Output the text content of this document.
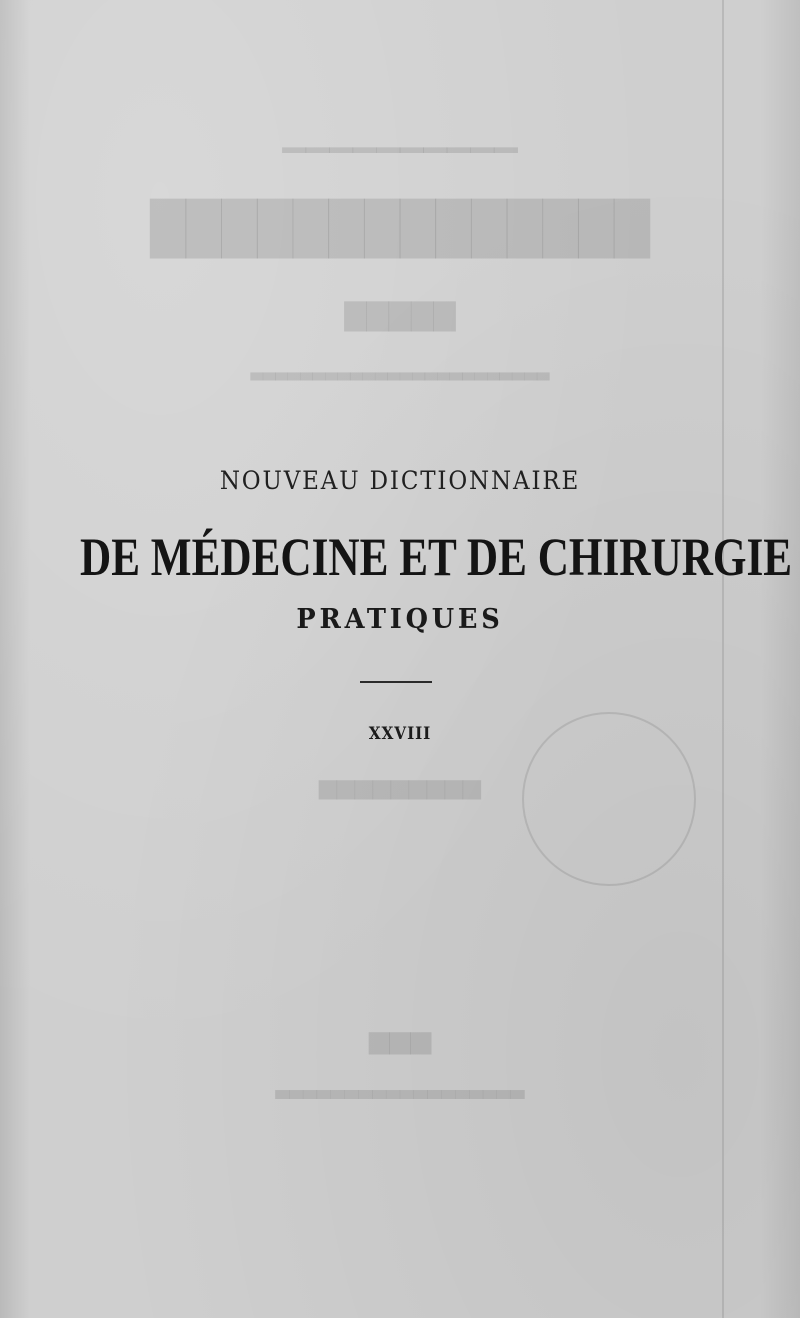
▁▁▁▁▁▁▁▁▁▁
▇▇▇▇▇▇▇▇▇▇▇▇▇▇
▆▆▆▆▆
▃▃▃▃▃▃▃▃▃▃▃▃▃▃▃▃▃▃▃▃▃▃▃▃
▅▅▅▅▅▅▅▅▅
▅▅▅
▃▃▃▃▃▃▃▃▃▃▃▃▃▃▃▃▃▃
NOUVEAU DICTIONNAIRE
DE MÉDECINE ET DE CHIRURGIE
PRATIQUES
XXVIII
